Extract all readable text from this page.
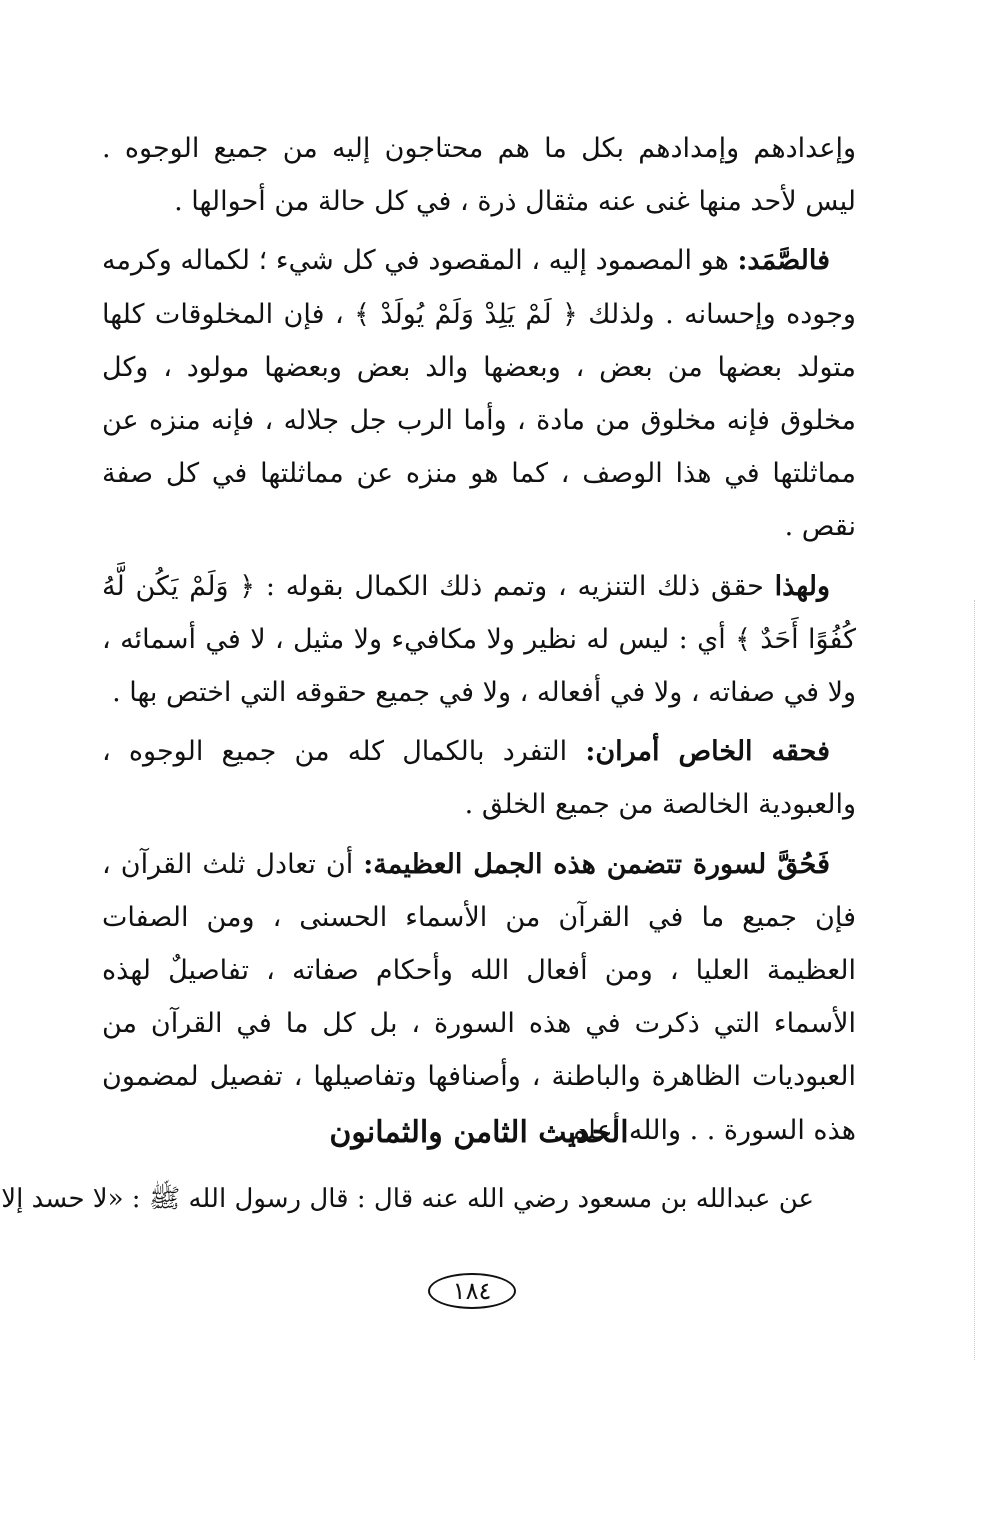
وإعدادهم وإمدادهم بكل ما هم محتاجون إليه من جميع الوجوه . ليس لأحد منها غنى عنه مثقال ذرة ، في كل حالة من أحوالها .

فالصَّمَد: هو المصمود إليه ، المقصود في كل شيء ؛ لكماله وكرمه وجوده وإحسانه . ولذلك ﴿ لَمْ يَلِدْ وَلَمْ يُولَدْ ﴾ ، فإن المخلوقات كلها متولد بعضها من بعض ، وبعضها والد بعض وبعضها مولود ، وكل مخلوق فإنه مخلوق من مادة ، وأما الرب جل جلاله ، فإنه منزه عن مماثلتها في هذا الوصف ، كما هو منزه عن مماثلتها في كل صفة نقص .

ولهذا حقق ذلك التنزيه ، وتمم ذلك الكمال بقوله : ﴿ وَلَمْ يَكُن لَّهُ كُفُوًا أَحَدٌ ﴾ أي : ليس له نظير ولا مكافيء ولا مثيل ، لا في أسمائه ، ولا في صفاته ، ولا في أفعاله ، ولا في جميع حقوقه التي اختص بها .

فحقه الخاص أمران: التفرد بالكمال كله من جميع الوجوه ، والعبودية الخالصة من جميع الخلق .

فَحُقَّ لسورة تتضمن هذه الجمل العظيمة: أن تعادل ثلث القرآن ، فإن جميع ما في القرآن من الأسماء الحسنى ، ومن الصفات العظيمة العليا ، ومن أفعال الله وأحكام صفاته ، تفاصيلٌ لهذه الأسماء التي ذكرت في هذه السورة ، بل كل ما في القرآن من العبوديات الظاهرة والباطنة ، وأصنافها وتفاصيلها ، تفصيل لمضمون هذه السورة . . والله أعلم .

الحديث الثامن والثمانون
عن عبدالله بن مسعود رضي الله عنه قال : قال رسول الله ﷺ : «لا حسد إلا
١٨٤
